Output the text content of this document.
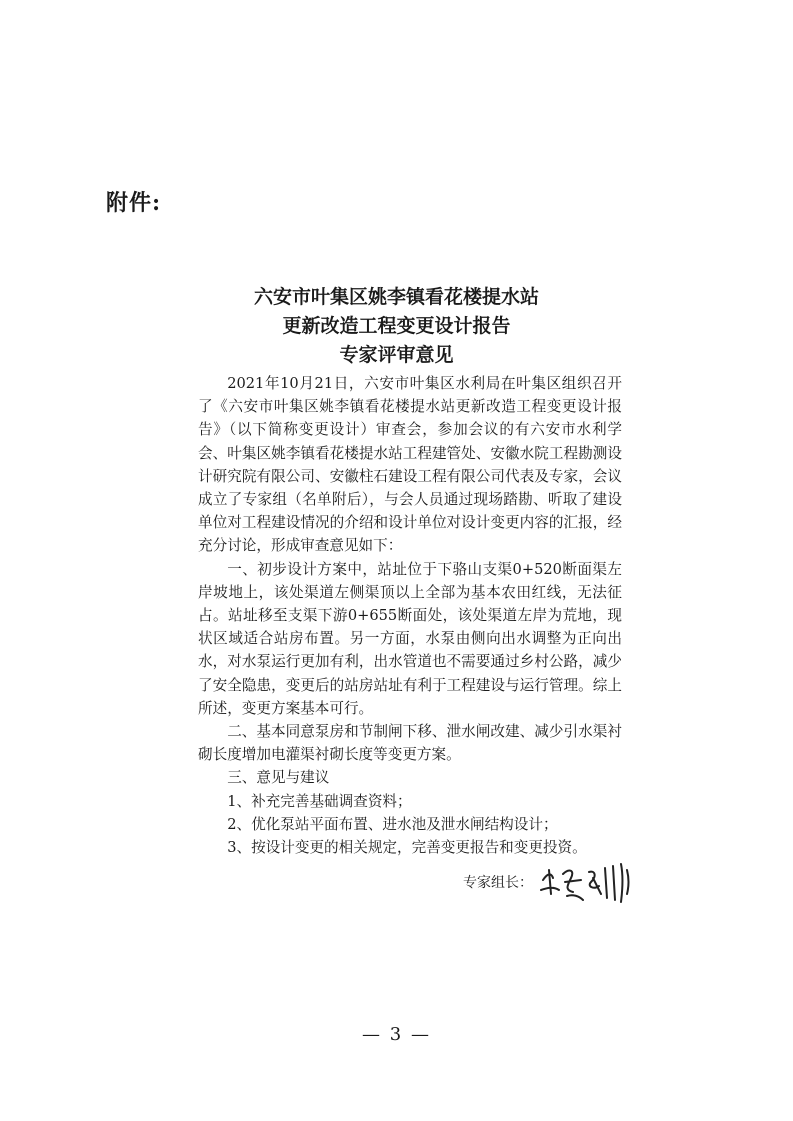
附件:
六安市叶集区姚李镇看花楼提水站
更新改造工程变更设计报告
专家评审意见

2021年10月21日，六安市叶集区水利局在叶集区组织召开了《六安市叶集区姚李镇看花楼提水站更新改造工程变更设计报告》（以下简称变更设计）审查会，参加会议的有六安市水利学会、叶集区姚李镇看花楼提水站工程建管处、安徽水院工程勘测设计研究院有限公司、安徽柱石建设工程有限公司代表及专家，会议成立了专家组（名单附后），与会人员通过现场踏勘、听取了建设单位对工程建设情况的介绍和设计单位对设计变更内容的汇报，经充分讨论，形成审查意见如下：

一、初步设计方案中，站址位于下骆山支渠0+520断面渠左岸坡地上，该处渠道左侧渠顶以上全部为基本农田红线，无法征占。站址移至支渠下游0+655断面处，该处渠道左岸为荒地，现状区域适合站房布置。另一方面，水泵由侧向出水调整为正向出水，对水泵运行更加有利，出水管道也不需要通过乡村公路，减少了安全隐患，变更后的站房站址有利于工程建设与运行管理。综上所述，变更方案基本可行。

二、基本同意泵房和节制闸下移、泄水闸改建、减少引水渠衬砌长度增加电灌渠衬砌长度等变更方案。

三、意见与建议

1、补充完善基础调查资料；

2、优化泵站平面布置、进水池及泄水闸结构设计；

3、按设计变更的相关规定，完善变更报告和变更投资。

专家组长：
— 3 —
